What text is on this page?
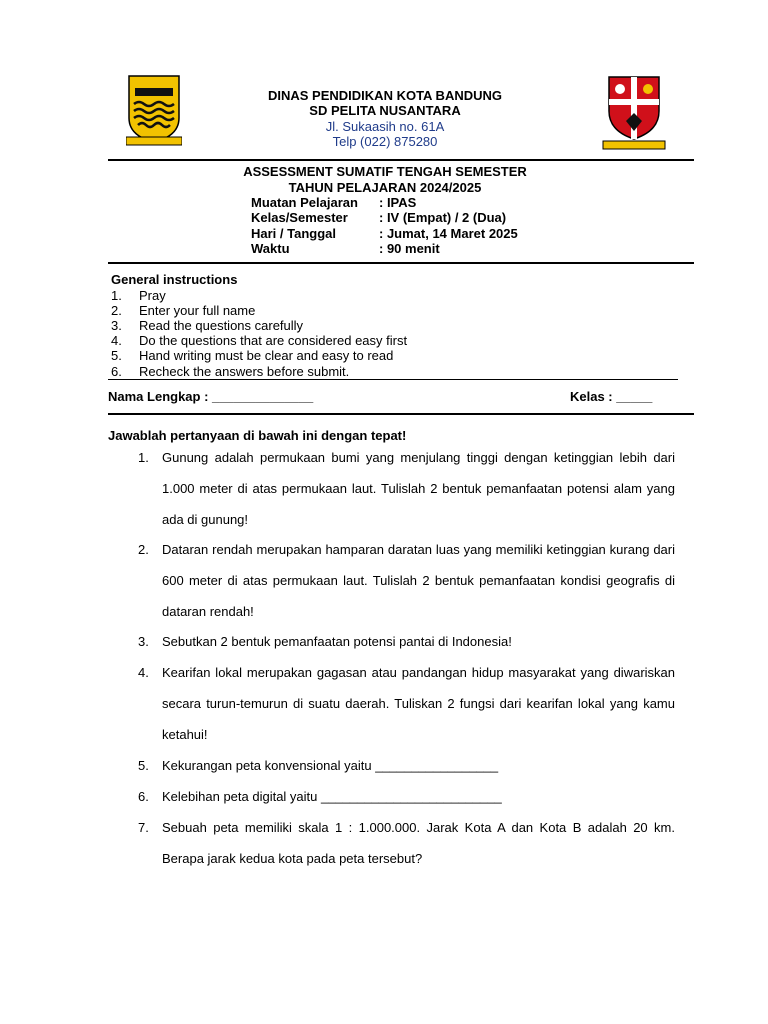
DINAS PENDIDIKAN KOTA BANDUNG
SD PELITA NUSANTARA
Jl. Sukaasih no. 61A
Telp (022) 875280
ASSESSMENT SUMATIF TENGAH SEMESTER
TAHUN PELAJARAN 2024/2025
Muatan Pelajaran : IPAS
Kelas/Semester : IV (Empat) / 2 (Dua)
Hari / Tanggal	: Jumat, 14 Maret 2025
Waktu	: 90 menit
General instructions
1. Pray
2. Enter your full name
3. Read the questions carefully
4. Do the questions that are considered easy first
5. Hand writing must be clear and easy to read
6. Recheck the answers before submit.
Nama Lengkap : ______________	Kelas : _____
Jawablah pertanyaan di bawah ini dengan tepat!
1. Gunung adalah permukaan bumi yang menjulang tinggi dengan ketinggian lebih dari 1.000 meter di atas permukaan laut. Tulislah 2 bentuk pemanfaatan potensi alam yang ada di gunung!
2. Dataran rendah merupakan hamparan daratan luas yang memiliki ketinggian kurang dari 600 meter di atas permukaan laut. Tulislah 2 bentuk pemanfaatan kondisi geografis di dataran rendah!
3. Sebutkan 2 bentuk pemanfaatan potensi pantai di Indonesia!
4. Kearifan lokal merupakan gagasan atau pandangan hidup masyarakat yang diwariskan secara turun-temurun di suatu daerah. Tuliskan 2 fungsi dari kearifan lokal yang kamu ketahui!
5. Kekurangan peta konvensional yaitu _________________
6. Kelebihan peta digital yaitu _________________________
7. Sebuah peta memiliki skala 1 : 1.000.000. Jarak Kota A dan Kota B adalah 20 km. Berapa jarak kedua kota pada peta tersebut?
